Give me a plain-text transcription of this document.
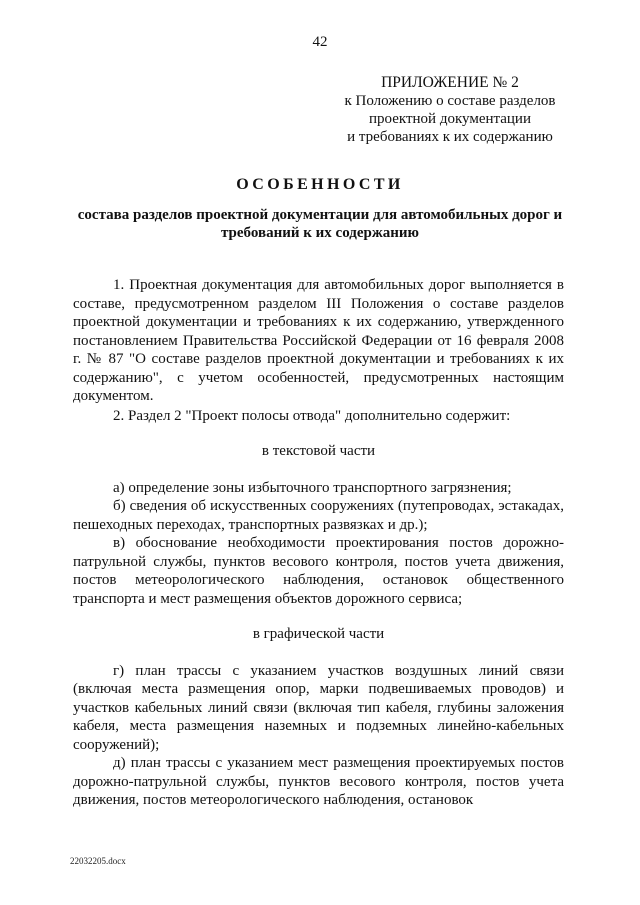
42
ПРИЛОЖЕНИЕ № 2
к Положению о составе разделов
проектной документации
и требованиях к их содержанию
ОСОБЕННОСТИ
состава разделов проектной документации для автомобильных дорог и требований к их содержанию

1. Проектная документация для автомобильных дорог выполняется в составе, предусмотренном разделом III Положения о составе разделов проектной документации и требованиях к их содержанию, утвержденного постановлением Правительства Российской Федерации от 16 февраля 2008 г. № 87 "О составе разделов проектной документации и требованиях к их содержанию", с учетом особенностей, предусмотренных настоящим документом.

2. Раздел 2 "Проект полосы отвода" дополнительно содержит:

в текстовой части

а) определение зоны избыточного транспортного загрязнения;

б) сведения об искусственных сооружениях (путепроводах, эстакадах, пешеходных переходах, транспортных развязках и др.);

в) обоснование необходимости проектирования постов дорожно-патрульной службы, пунктов весового контроля, постов учета движения, постов метеорологического наблюдения, остановок общественного транспорта и мест размещения объектов дорожного сервиса;

в графической части

г) план трассы с указанием участков воздушных линий связи (включая места размещения опор, марки подвешиваемых проводов) и участков кабельных линий связи (включая тип кабеля, глубины заложения кабеля, места размещения наземных и подземных линейно-кабельных сооружений);

д) план трассы с указанием мест размещения проектируемых постов дорожно-патрульной службы, пунктов весового контроля, постов учета движения, постов метеорологического наблюдения, остановок

22032205.docx
